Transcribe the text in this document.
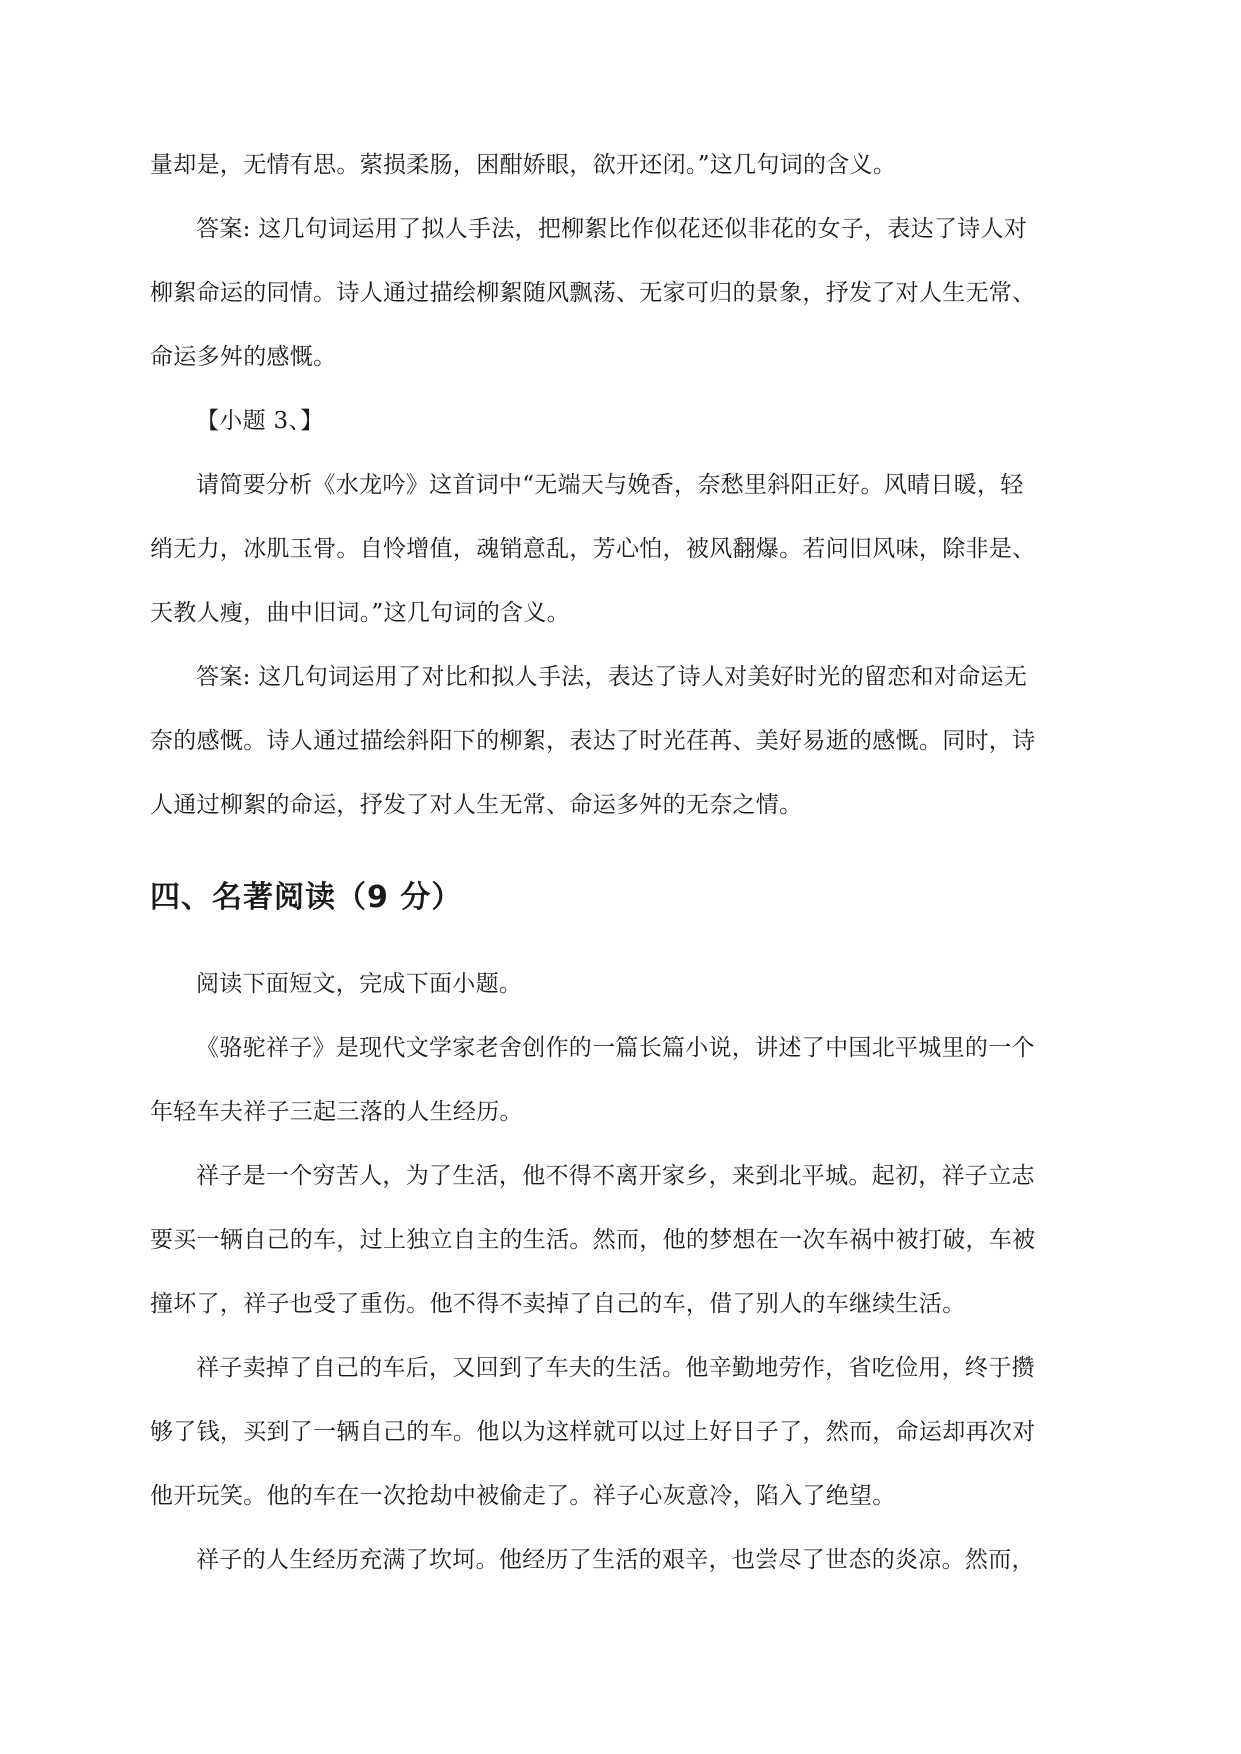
量却是，无情有思。萦损柔肠，困酣娇眼，欲开还闭。”这几句词的含义。
答案: 这几句词运用了拟人手法，把柳絮比作似花还似非花的女子，表达了诗人对
柳絮命运的同情。诗人通过描绘柳絮随风飘荡、无家可归的景象，抒发了对人生无常、
命运多舛的感慨。
【小题 3、】
请简要分析《水龙吟》这首词中“无端天与娩香，奈愁里斜阳正好。风晴日暖，轻
绡无力，冰肌玉骨。自怜增值，魂销意乱，芳心怕，被风翻爆。若问旧风味，除非是、
天教人瘦，曲中旧词。”这几句词的含义。
答案: 这几句词运用了对比和拟人手法，表达了诗人对美好时光的留恋和对命运无
奈的感慨。诗人通过描绘斜阳下的柳絮，表达了时光荏苒、美好易逝的感慨。同时，诗
人通过柳絮的命运，抒发了对人生无常、命运多舛的无奈之情。
四、名著阅读（9 分）
阅读下面短文，完成下面小题。
《骆驼祥子》是现代文学家老舍创作的一篇长篇小说，讲述了中国北平城里的一个
年轻车夫祥子三起三落的人生经历。
祥子是一个穷苦人，为了生活，他不得不离开家乡，来到北平城。起初，祥子立志
要买一辆自己的车，过上独立自主的生活。然而，他的梦想在一次车祸中被打破，车被
撞坏了，祥子也受了重伤。他不得不卖掉了自己的车，借了别人的车继续生活。
祥子卖掉了自己的车后，又回到了车夫的生活。他辛勤地劳作，省吃俭用，终于攒
够了钱，买到了一辆自己的车。他以为这样就可以过上好日子了，然而，命运却再次对
他开玩笑。他的车在一次抢劫中被偷走了。祥子心灰意冷，陷入了绝望。
祥子的人生经历充满了坎坷。他经历了生活的艰辛，也尝尽了世态的炎凉。然而，
